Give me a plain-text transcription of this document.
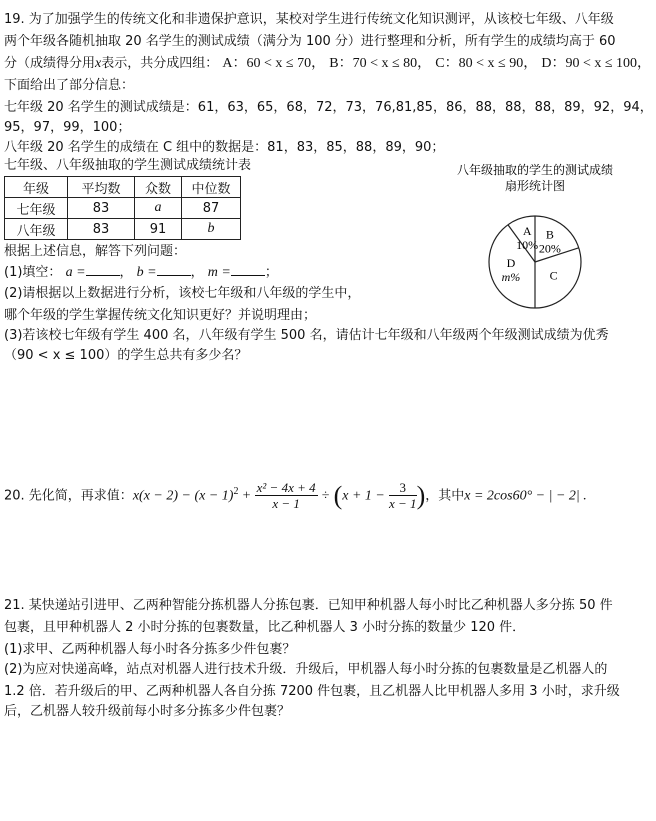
19. 为了加强学生的传统文化和非遗保护意识，某校对学生进行传统文化知识测评，从该校七年级、八年级
两个年级各随机抽取 20 名学生的测试成绩（满分为 100 分）进行整理和分析，所有学生的成绩均高于 60
分（成绩得分用x表示，共分成四组： A：60 < x ≤ 70， B：70 < x ≤ 80， C：80 < x ≤ 90， D：90 < x ≤ 100，
下面给出了部分信息：
七年级 20 名学生的测试成绩是：61，63，65，68，72，73，76,81,85，86，88，88，88，89，92，94，
95，97，99，100；
八年级 20 名学生的成绩在 C 组中的数据是：81，83，85，88，89，90；
七年级、八年级抽取的学生测试成绩统计表
年级	平均数	众数	中位数
七年级	83	a	87
八年级	83	91	b
根据上述信息，解答下列问题：
(1)填空： a =	， b =	， m =	；
(2)请根据以上数据进行分析，该校七年级和八年级的学生中，
哪个年级的学生掌握传统文化知识更好？并说明理由；
(3)若该校七年级有学生 400 名，八年级有学生 500 名，请估计七年级和八年级两个年级测试成绩为优秀
（90 < x ≤ 100）的学生总共有多少名？
八年级抽取的学生的测试成绩
扇形统计图
A
10%
B
20%
C
D
m%
20. 先化简，再求值：$x(x - 2) - (x - 1)^2 + \frac{\text{x² − 4x + 4}}{x - 1} \div (x + 1 - \frac{3}{x - 1}$ )，其中x = 2cos60° − | − 2| .
21. 某快递站引进甲、乙两种智能分拣机器人分拣包裹．已知甲种机器人每小时比乙种机器人多分拣 50 件
包裹，且甲种机器人 2 小时分拣的包裹数量，比乙种机器人 3 小时分拣的数量少 120 件．
(1)求甲、乙两种机器人每小时各分拣多少件包裹？
(2)为应对快递高峰，站点对机器人进行技术升级．升级后，甲机器人每小时分拣的包裹数量是乙机器人的
1.2 倍．若升级后的甲、乙两种机器人各自分拣 7200 件包裹，且乙机器人比甲机器人多用 3 小时，求升级
后，乙机器人较升级前每小时多分拣多少件包裹？
